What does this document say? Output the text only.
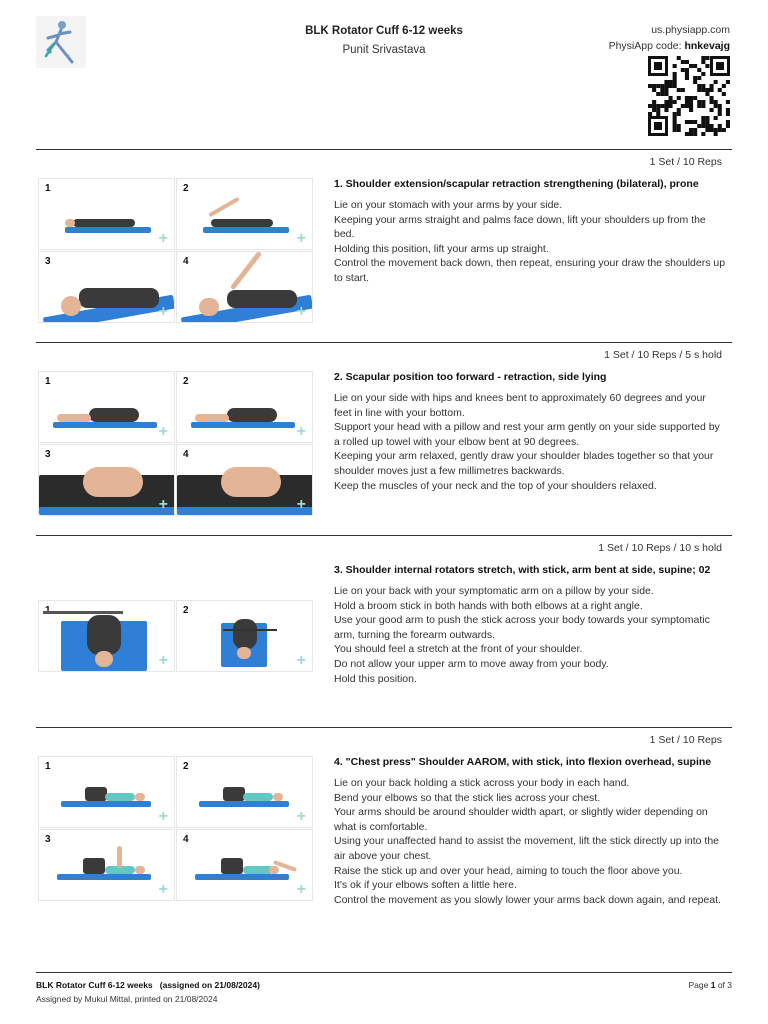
BLK Rotator Cuff 6-12 weeks
Punit Srivastava
us.physiapp.com
PhysiApp code: hnkevajg
1 Set / 10 Reps
1
+
2
+
3
+
4
+
1. Shoulder extension/scapular retraction strengthening (bilateral), prone

Lie on your stomach with your arms by your side.

Keeping your arms straight and palms face down, lift your shoulders up from the bed.

Holding this position, lift your arms up straight.

Control the movement back down, then repeat, ensuring your draw the shoulders up to start.

1 Set / 10 Reps / 5 s hold
1
+
2
+
3
+
4
+
2. Scapular position too forward - retraction, side lying

Lie on your side with hips and knees bent to approximately 60 degrees and your feet in line with your bottom.

Support your head with a pillow and rest your arm gently on your side supported by a rolled up towel with your elbow bent at 90 degrees.

Keeping your arm relaxed, gently draw your shoulder blades together so that your shoulder moves just a few millimetres backwards.

Keep the muscles of your neck and the top of your shoulders relaxed.

1 Set / 10 Reps / 10 s hold
+
2
+
3. Shoulder internal rotators stretch, with stick, arm bent at side, supine; 02

Lie on your back with your symptomatic arm on a pillow by your side.

Hold a broom stick in both hands with both elbows at a right angle.

Use your good arm to push the stick across your body towards your symptomatic arm, turning the forearm outwards.

You should feel a stretch at the front of your shoulder.

Do not allow your upper arm to move away from your body.

Hold this position.

1 Set / 10 Reps
1
+
2
+
3
+
4
+
4. "Chest press" Shoulder AAROM, with stick, into flexion overhead, supine

Lie on your back holding a stick across your body in each hand.

Bend your elbows so that the stick lies across your chest.

Your arms should be around shoulder width apart, or slightly wider depending on what is comfortable.

Using your unaffected hand to assist the movement, lift the stick directly up into the air above your chest.

Raise the stick up and over your head, aiming to touch the floor above you.

It's ok if your elbows soften a little here.

Control the movement as you slowly lower your arms back down again, and repeat.

BLK Rotator Cuff 6-12 weeks (assigned on 21/08/2024)
Assigned by Mukul Mittal, printed on 21/08/2024
Page 1 of 3
